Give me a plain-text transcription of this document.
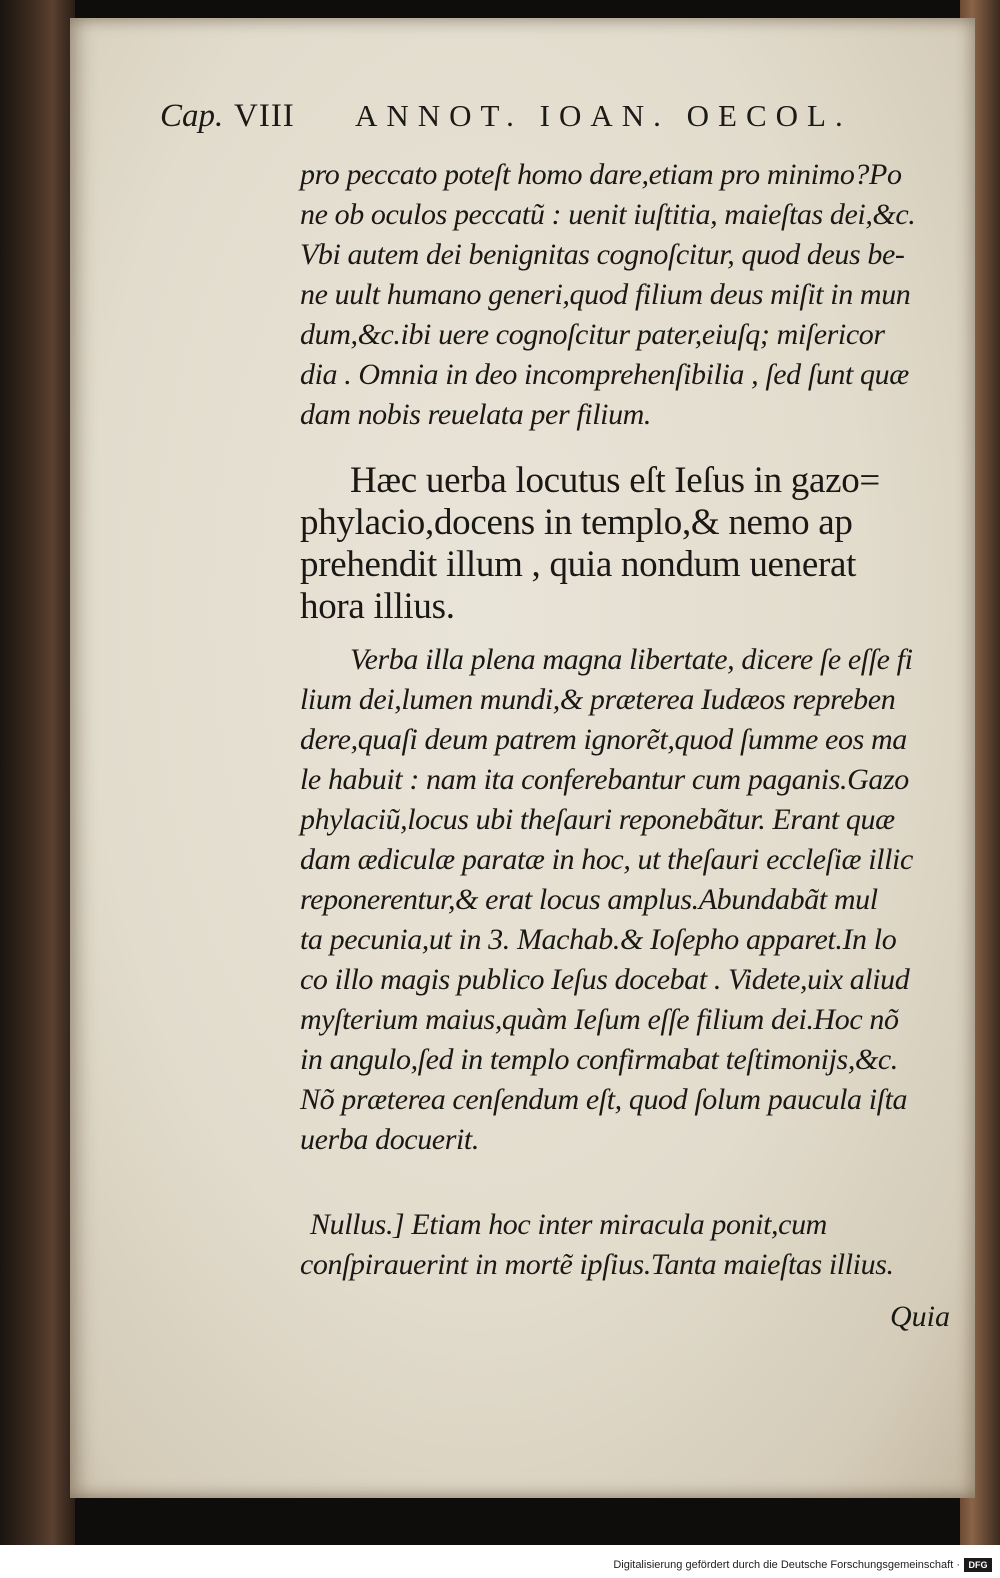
Cap. VIII ANNOT. IOAN. OECOL.
pro peccato poteſt homo dare,etiam pro minimo?Po
ne ob oculos peccatũ : uenit iuſtitia, maieſtas dei,&c.
Vbi autem dei benignitas cognoſcitur, quod deus be-
ne uult humano generi,quod filium deus miſit in mun
dum,&c.ibi uere cognoſcitur pater,eiuſq; miſericor
dia . Omnia in deo incomprehenſibilia , ſed ſunt quæ
dam nobis reuelata per filium.
Hæc uerba locutus eſt Ieſus in gazo=
phylacio,docens in templo,& nemo ap
prehendit illum , quia nondum uenerat
hora illius.
Verba illa plena magna libertate, dicere ſe eſſe fi
lium dei,lumen mundi,& præterea Iudæos repreben
dere,quaſi deum patrem ignorẽt,quod ſumme eos ma
le habuit : nam ita conferebantur cum paganis.Gazo
phylaciũ,locus ubi theſauri reponebãtur. Erant quæ
dam ædiculæ paratæ in hoc, ut theſauri eccleſiæ illic
reponerentur,& erat locus amplus.Abundabãt mul
ta pecunia,ut in 3. Machab.& Ioſepho apparet.In lo
co illo magis publico Ieſus docebat . Videte,uix aliud
myſterium maius,quàm Ieſum eſſe filium dei.Hoc nõ
in angulo,ſed in templo confirmabat teſtimonijs,&c.
Nõ præterea cenſendum eſt, quod ſolum paucula iſta
uerba docuerit.
Nullus.] Etiam hoc inter miracula ponit,cum
conſpirauerint in mortẽ ipſius.Tanta maieſtas illius.
Quia
Digitalisierung gefördert durch die Deutsche Forschungsgemeinschaft · DFG
